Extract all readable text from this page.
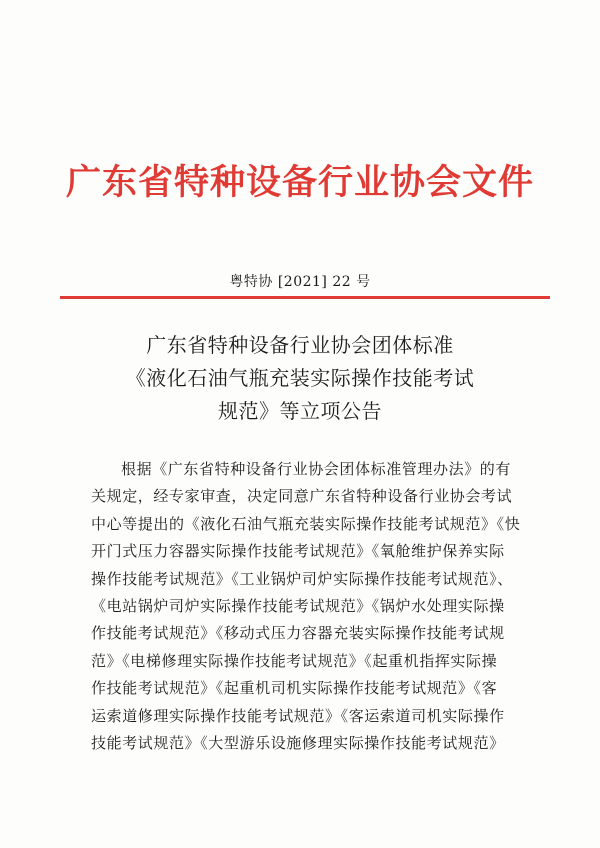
广东省特种设备行业协会文件
粤特协 [2021] 22 号
广东省特种设备行业协会团体标准
《液化石油气瓶充装实际操作技能考试
规范》等立项公告
根据《广东省特种设备行业协会团体标准管理办法》的有
关规定，经专家审查，决定同意广东省特种设备行业协会考试
中心等提出的《液化石油气瓶充装实际操作技能考试规范》《快
开门式压力容器实际操作技能考试规范》《氧舱维护保养实际
操作技能考试规范》《工业锅炉司炉实际操作技能考试规范》、
《电站锅炉司炉实际操作技能考试规范》《锅炉水处理实际操
作技能考试规范》《移动式压力容器充装实际操作技能考试规
范》《电梯修理实际操作技能考试规范》《起重机指挥实际操
作技能考试规范》《起重机司机实际操作技能考试规范》《客
运索道修理实际操作技能考试规范》《客运索道司机实际操作
技能考试规范》《大型游乐设施修理实际操作技能考试规范》
